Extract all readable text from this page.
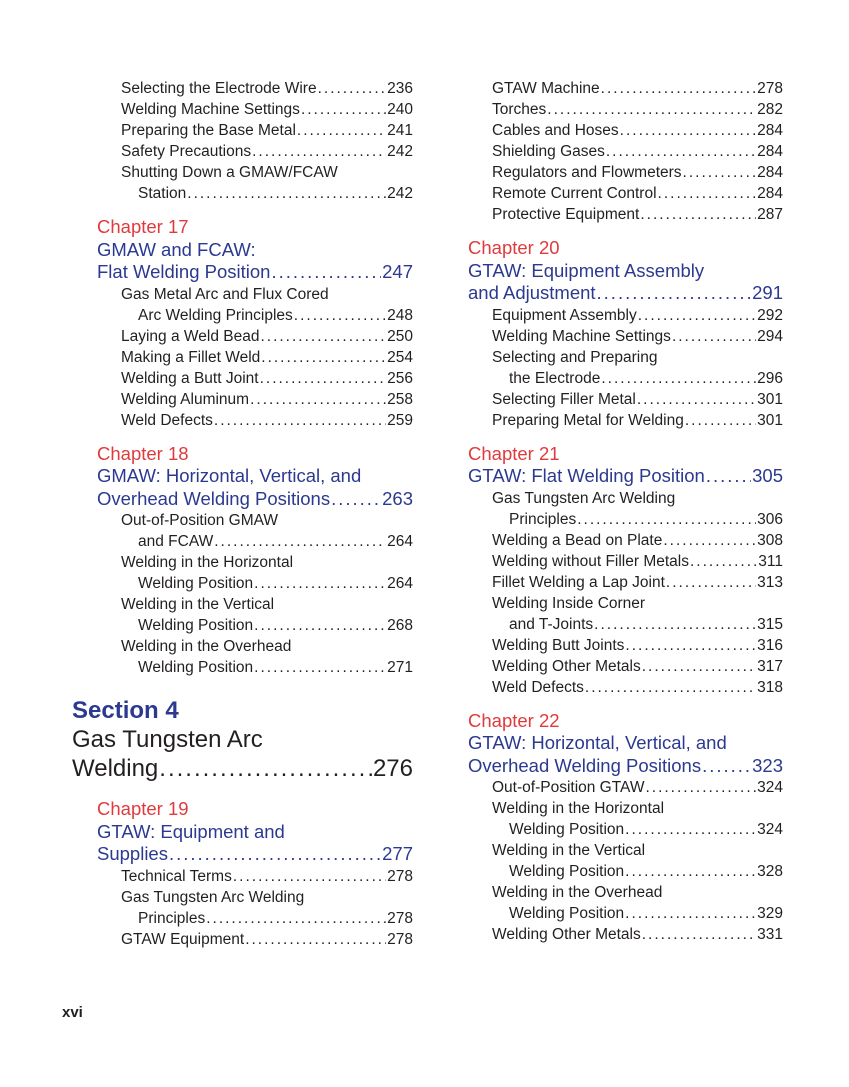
Selecting the Electrode Wire .....	236
Welding Machine Settings .....	240
Preparing the Base Metal .....	241
Safety Precautions .....	242
Shutting Down a GMAW/FCAW
Station .....	242
Chapter 17
GMAW and FCAW:
Flat Welding Position .....	247
Gas Metal Arc and Flux Cored
Arc Welding Principles .....	248
Laying a Weld Bead .....	250
Making a Fillet Weld .....	254
Welding a Butt Joint .....	256
Welding Aluminum .....	258
Weld Defects .....	259
Chapter 18
GMAW: Horizontal, Vertical, and
Overhead Welding Positions .....	263
Out-of-Position GMAW
and FCAW .....	264
Welding in the Horizontal
Welding Position .....	264
Welding in the Vertical
Welding Position .....	268
Welding in the Overhead
Welding Position .....	271
Section 4
Gas Tungsten Arc
Welding .....	276
Chapter 19
GTAW: Equipment and
Supplies .....	277
Technical Terms .....	278
Gas Tungsten Arc Welding
Principles .....	278
GTAW Equipment .....	278
GTAW Machine .....	278
Torches .....	282
Cables and Hoses .....	284
Shielding Gases .....	284
Regulators and Flowmeters .....	284
Remote Current Control .....	284
Protective Equipment .....	287
Chapter 20
GTAW: Equipment Assembly
and Adjustment .....	291
Equipment Assembly .....	292
Welding Machine Settings .....	294
Selecting and Preparing
the Electrode .....	296
Selecting Filler Metal .....	301
Preparing Metal for Welding .....	301
Chapter 21
GTAW: Flat Welding Position .....	305
Gas Tungsten Arc Welding
Principles .....	306
Welding a Bead on Plate .....	308
Welding without Filler Metals .....	311
Fillet Welding a Lap Joint .....	313
Welding Inside Corner
and T-Joints .....	315
Welding Butt Joints .....	316
Welding Other Metals .....	317
Weld Defects .....	318
Chapter 22
GTAW: Horizontal, Vertical, and
Overhead Welding Positions .....	323
Out-of-Position GTAW .....	324
Welding in the Horizontal
Welding Position .....	324
Welding in the Vertical
Welding Position .....	328
Welding in the Overhead
Welding Position .....	329
Welding Other Metals .....	331
xvi
